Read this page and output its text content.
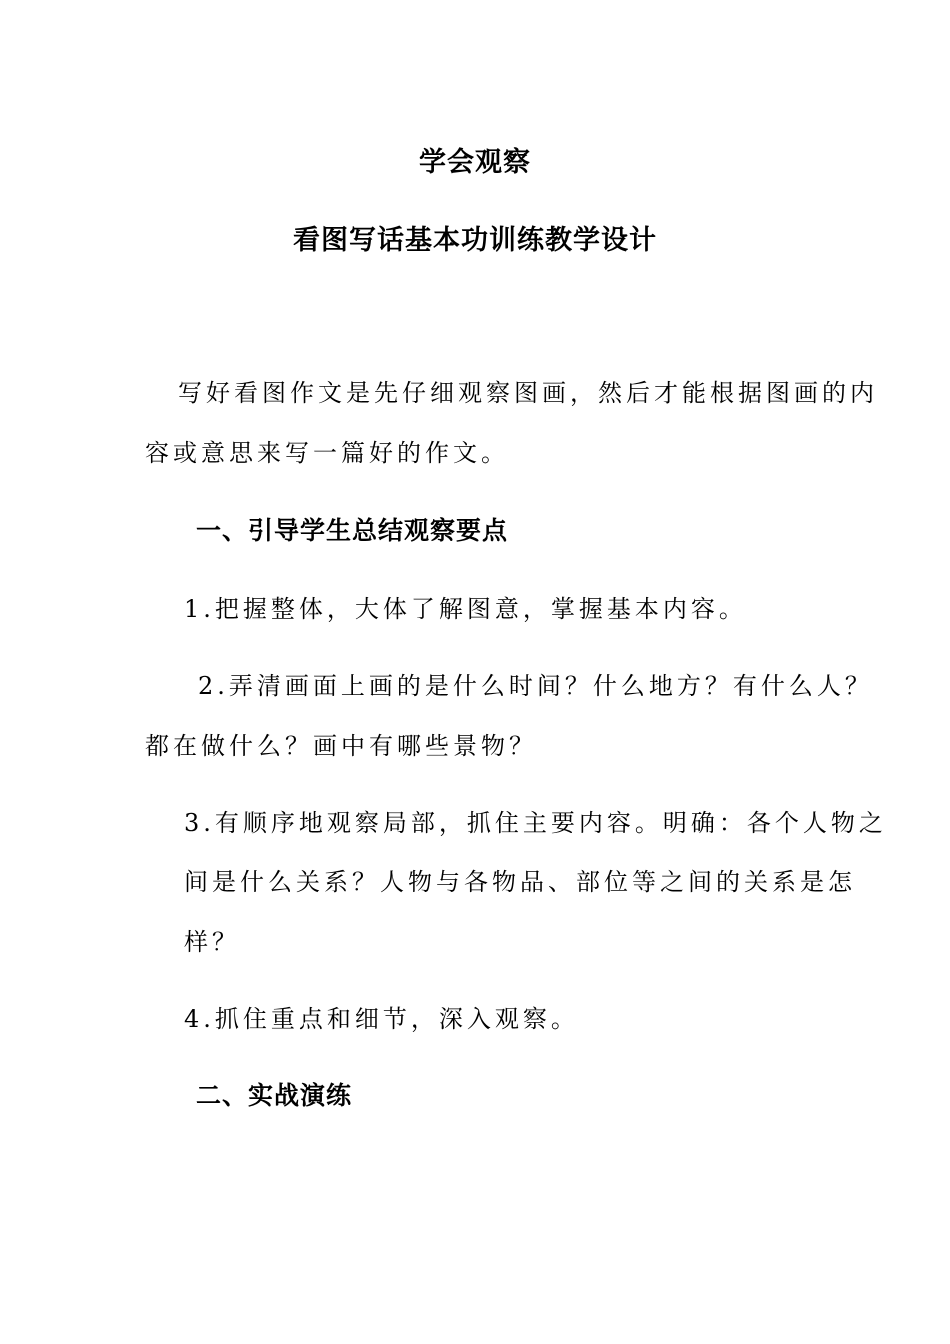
学会观察
看图写话基本功训练教学设计
写好看图作文是先仔细观察图画，然后才能根据图画的内
容或意思来写一篇好的作文。
一、引导学生总结观察要点
1.把握整体，大体了解图意，掌握基本内容。
2.弄清画面上画的是什么时间？什么地方？有什么人？
都在做什么？画中有哪些景物？
3.有顺序地观察局部，抓住主要内容。明确：各个人物之
间是什么关系？人物与各物品、部位等之间的关系是怎
样？
4.抓住重点和细节，深入观察。
二、实战演练
